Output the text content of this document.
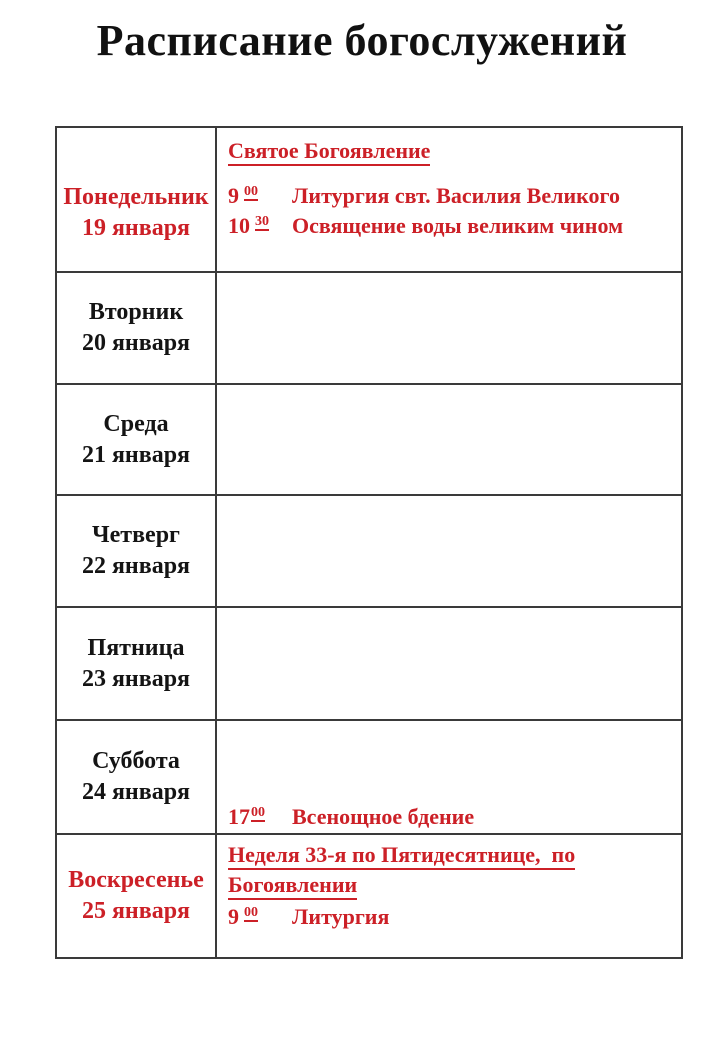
Расписание богослужений
Понедельник
19 января
Святое Богоявление
9 $^{00}$ Литургия свт. Василия Великого
10 $^{30}$ Освящение воды великим чином
Вторник
20 января
Среда
21 января
Четверг
22 января
Пятница
23 января
Суббота
24 января
$17^{00}$ Всенощное бдение
Воскресенье
25 января
Неделя 33-я по Пятидесятнице,  по
Богоявлении
9 $^{00}$ Литургия
